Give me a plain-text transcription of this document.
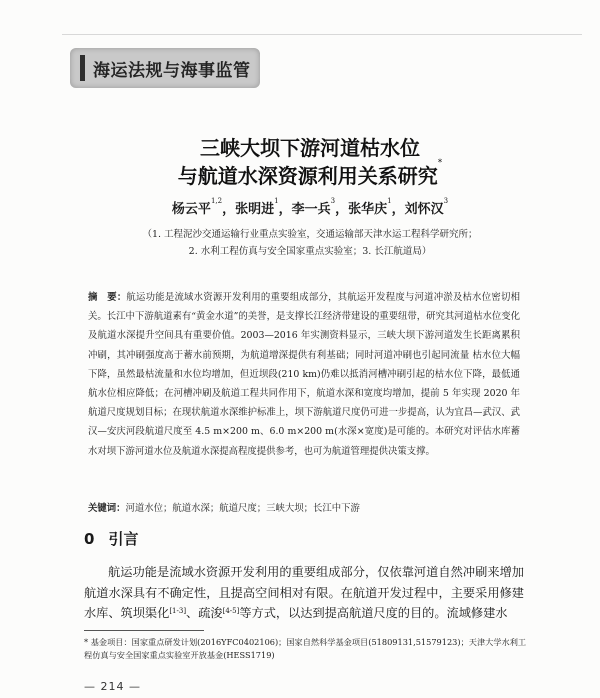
海运法规与海事监管
三峡大坝下游河道枯水位
与航道水深资源利用关系研究*
杨云平$^{1,2}$，张明进$^1$，李一兵$^3$，张华庆$^1$，刘怀汉$^3$
（1. 工程泥沙交通运输行业重点实验室，交通运输部天津水运工程科学研究所；
2. 水利工程仿真与安全国家重点实验室；3. 长江航道局）
摘　要：航运功能是流域水资源开发利用的重要组成部分，其航运开发程度与河道冲淤及枯水位密切相关。长江中下游航道素有“黄金水道”的美誉，是支撑长江经济带建设的重要纽带，研究其河道枯水位变化及航道水深提升空间具有重要价值。2003—2016 年实测资料显示，三峡大坝下游河道发生长距离累积冲刷，其冲刷强度高于蓄水前预期，为航道增深提供有利基础；同时河道冲刷也引起同流量 枯水位大幅下降，虽然最枯流量和水位均增加，但近坝段(210 km)仍难以抵消河槽冲刷引起的枯水位下降，最低通航水位相应降低；在河槽冲刷及航道工程共同作用下，航道水深和宽度均增加，提前 5 年实现 2020 年航道尺度规划目标；在现状航道水深维护标准上，坝下游航道尺度仍可进一步提高，认为宜昌—武汉、武汉—安庆河段航道尺度至 4.5 m×200 m、6.0 m×200 m(水深×宽度)是可能的。本研究对评估水库蓄水对坝下游河道水位及航道水深提高程度提供参考，也可为航道管理提供决策支撑。
关键词：河道水位；航道水深；航道尺度；三峡大坝；长江中下游
0 引言
航运功能是流域水资源开发利用的重要组成部分，仅依靠河道自然冲刷来增加航道水深具有不确定性，且提高空间相对有限。在航道开发过程中，主要采用修建水库、筑坝渠化[1-3]、疏浚[4-5]等方式，以达到提高航道尺度的目的。流域修建水
* 基金项目：国家重点研发计划(2016YFC0402106)；国家自然科学基金项目(51809131,51579123)；天津大学水利工程仿真与安全国家重点实验室开放基金(HESS1719)
— 214 —
